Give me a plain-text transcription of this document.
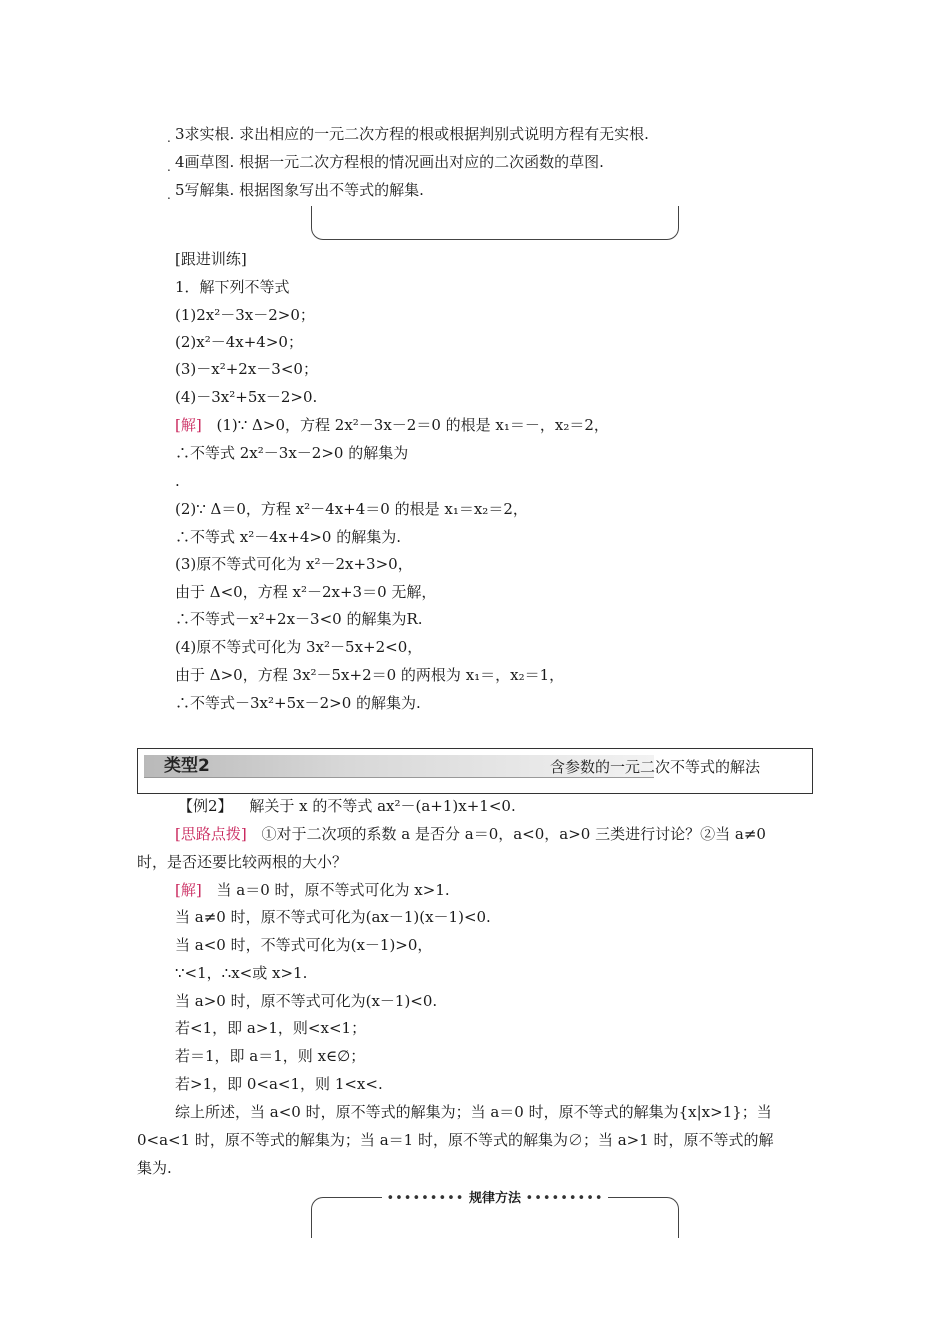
. 3求实根. 求出相应的一元二次方程的根或根据判别式说明方程有无实根.
. 4画草图. 根据一元二次方程根的情况画出对应的二次函数的草图.
. 5写解集. 根据图象写出不等式的解集.
[跟进训练]
1．解下列不等式
(1)2x²－3x－2>0；
(2)x²－4x+4>0；
(3)－x²+2x－3<0；
(4)－3x²+5x－2>0.
[解] (1)∵ Δ>0，方程 2x²－3x－2＝0 的根是 x₁＝－，x₂＝2，
∴不等式 2x²－3x－2>0 的解集为
.
(2)∵ Δ＝0，方程 x²－4x+4＝0 的根是 x₁＝x₂＝2，
∴不等式 x²－4x+4>0 的解集为.
(3)原不等式可化为 x²－2x+3>0，
由于 Δ<0，方程 x²－2x+3＝0 无解，
∴不等式－x²+2x－3<0 的解集为R.
(4)原不等式可化为 3x²－5x+2<0，
由于 Δ>0，方程 3x²－5x+2＝0 的两根为 x₁＝，x₂＝1，
∴不等式－3x²+5x－2>0 的解集为.
类型2	含参数的一元二次不等式的解法
【例2】 解关于 x 的不等式 ax²－(a+1)x+1<0.
[思路点拨] ①对于二次项的系数 a 是否分 a＝0，a<0，a>0 三类进行讨论？②当 a≠0
时，是否还要比较两根的大小？
[解] 当 a＝0 时，原不等式可化为 x>1.
当 a≠0 时，原不等式可化为(ax－1)(x－1)<0.
当 a<0 时，不等式可化为(x－1)>0，
∵<1，∴x<或 x>1.
当 a>0 时，原不等式可化为(x－1)<0.
若<1，即 a>1，则<x<1；
若＝1，即 a＝1，则 x∈∅；
若>1，即 0<a<1，则 1<x<.
综上所述，当 a<0 时，原不等式的解集为；当 a＝0 时，原不等式的解集为{x|x>1}；当
0<a<1 时，原不等式的解集为；当 a＝1 时，原不等式的解集为∅；当 a>1 时，原不等式的解
集为.
••••••••• 规律方法 •••••••••
